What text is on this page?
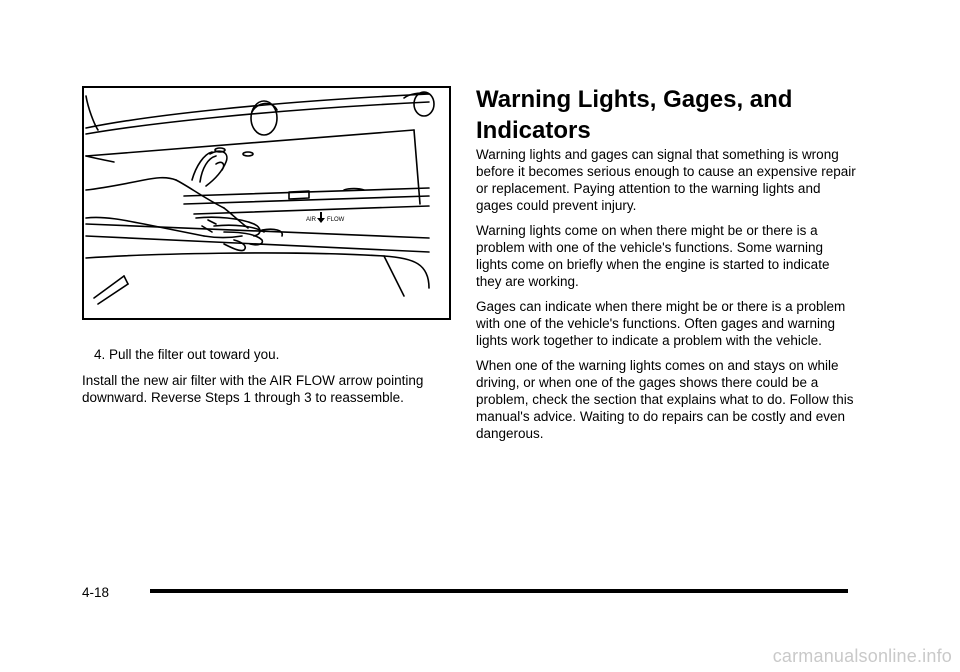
AIR FLOW
4. Pull the filter out toward you.

Install the new air filter with the AIR FLOW arrow pointing downward. Reverse Steps 1 through 3 to reassemble.

Warning Lights, Gages, and Indicators

Warning lights and gages can signal that something is wrong before it becomes serious enough to cause an expensive repair or replacement. Paying attention to the warning lights and gages could prevent injury.

Warning lights come on when there might be or there is a problem with one of the vehicle's functions. Some warning lights come on briefly when the engine is started to indicate they are working.

Gages can indicate when there might be or there is a problem with one of the vehicle's functions. Often gages and warning lights work together to indicate a problem with the vehicle.

When one of the warning lights comes on and stays on while driving, or when one of the gages shows there could be a problem, check the section that explains what to do. Follow this manual's advice. Waiting to do repairs can be costly and even dangerous.

4-18
carmanualsonline.info
